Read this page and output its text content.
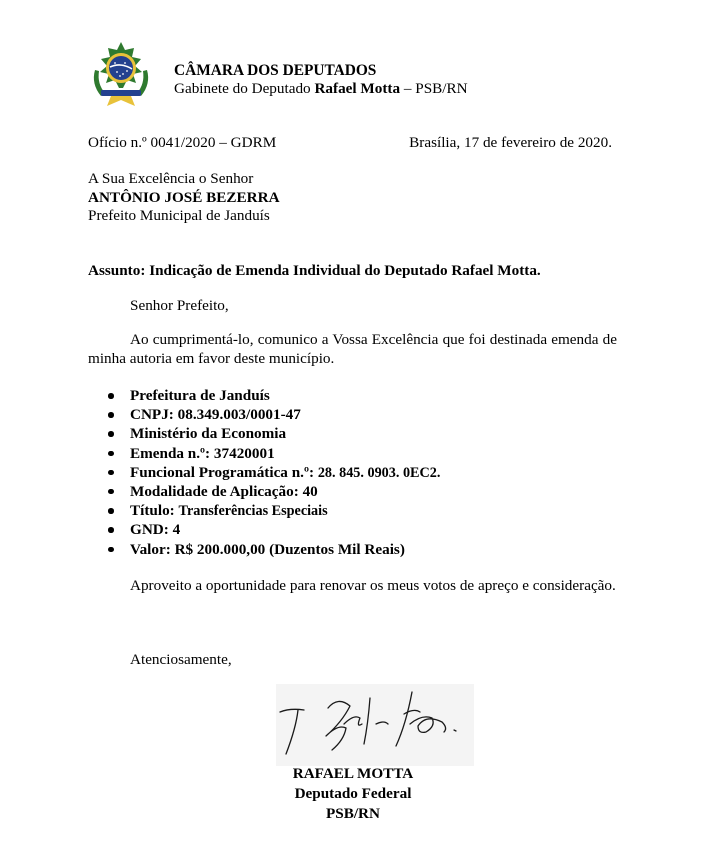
CÂMARA DOS DEPUTADOS
Gabinete do Deputado Rafael Motta – PSB/RN
Ofício n.º 0041/2020 – GDRM	Brasília, 17 de fevereiro de 2020.
A Sua Excelência o Senhor
ANTÔNIO JOSÉ BEZERRA
Prefeito Municipal de Janduís
Assunto: Indicação de Emenda Individual do Deputado Rafael Motta.
Senhor Prefeito,
Ao cumprimentá-lo, comunico a Vossa Excelência que foi destinada emenda de minha autoria em favor deste município.
Prefeitura de Janduís
CNPJ: 08.349.003/0001-47
Ministério da Economia
Emenda n.º: 37420001
Funcional Programática n.º: 28. 845. 0903. 0EC2.
Modalidade de Aplicação: 40
Título: Transferências Especiais
GND: 4
Valor: R$ 200.000,00 (Duzentos Mil Reais)
Aproveito a oportunidade para renovar os meus votos de apreço e consideração.
Atenciosamente,
RAFAEL MOTTA
Deputado Federal
PSB/RN
